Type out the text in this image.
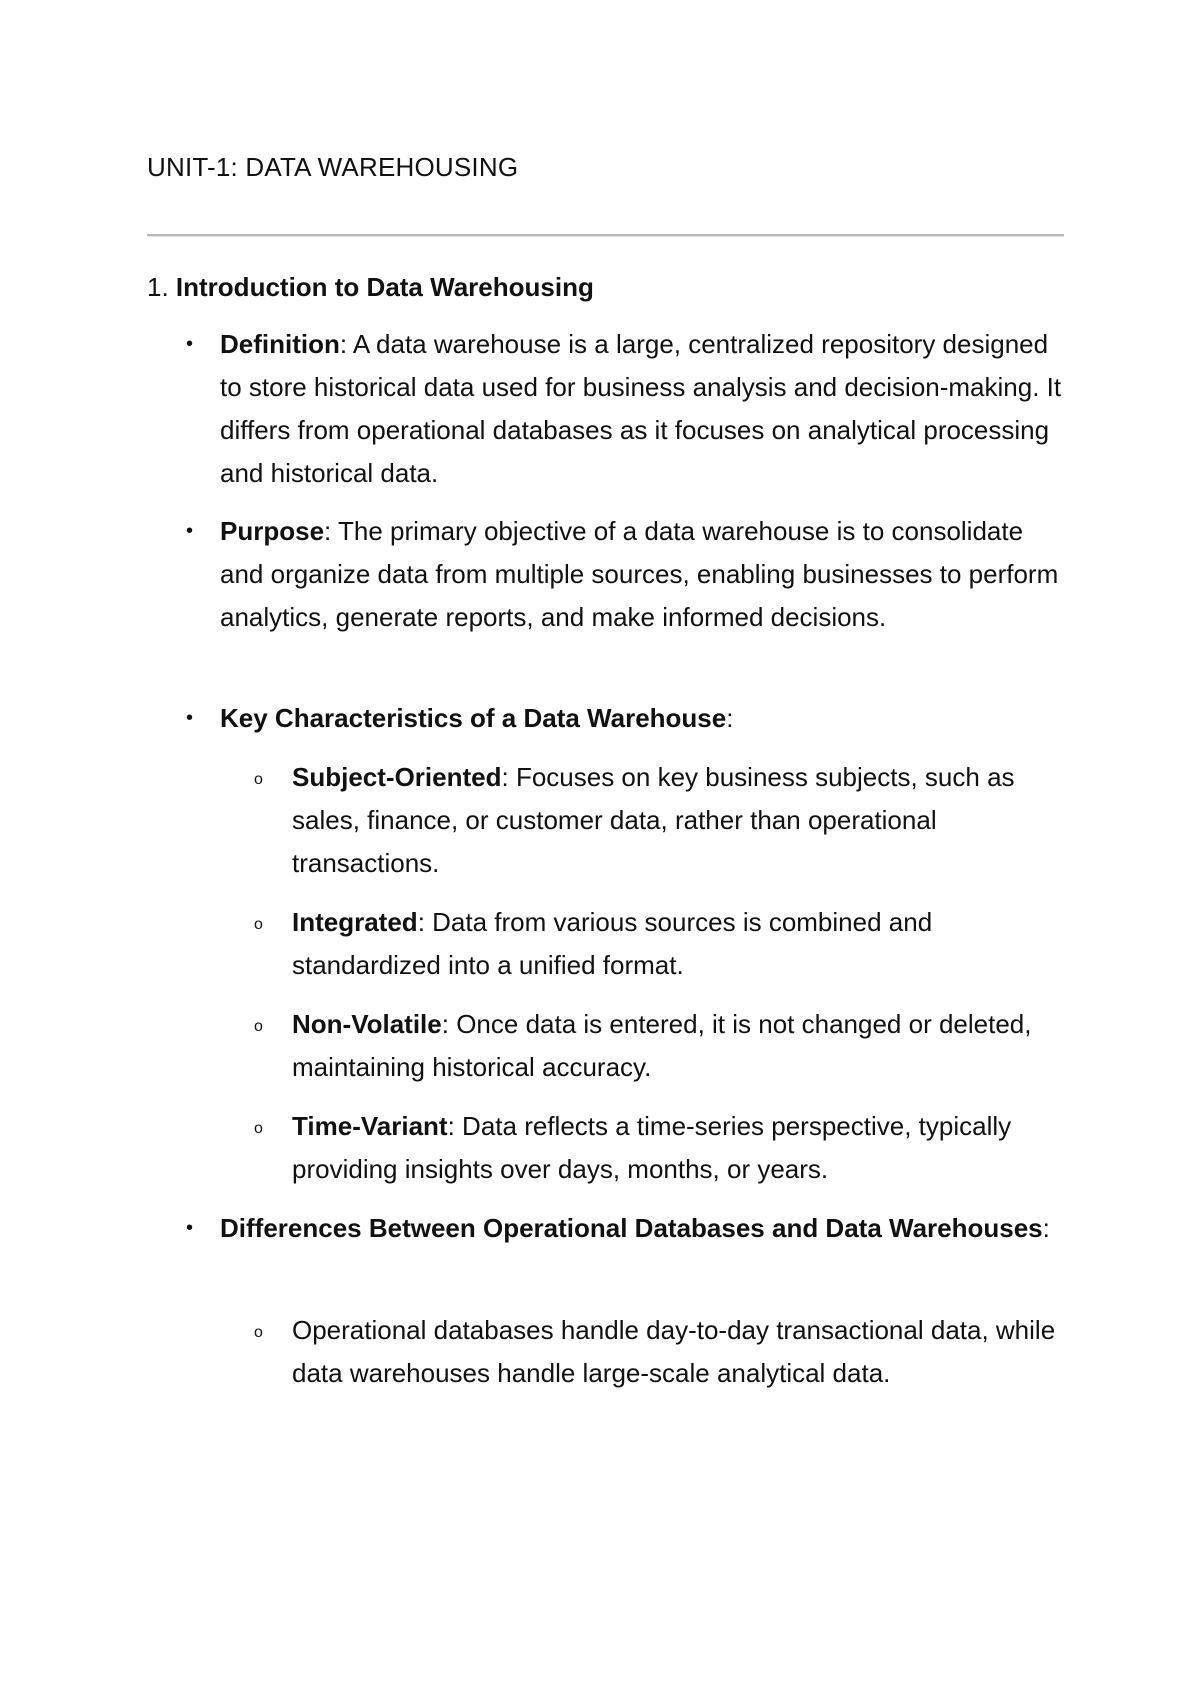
UNIT-1: DATA WAREHOUSING
1. Introduction to Data Warehousing

• Definition: A data warehouse is a large, centralized repository designed to store historical data used for business analysis and decision-making. It differs from operational databases as it focuses on analytical processing and historical data.

• Purpose: The primary objective of a data warehouse is to consolidate and organize data from multiple sources, enabling businesses to perform analytics, generate reports, and make informed decisions.

• Key Characteristics of a Data Warehouse:

o Subject-Oriented: Focuses on key business subjects, such as sales, finance, or customer data, rather than operational transactions.

o Integrated: Data from various sources is combined and standardized into a unified format.

o Non-Volatile: Once data is entered, it is not changed or deleted, maintaining historical accuracy.

o Time-Variant: Data reflects a time-series perspective, typically providing insights over days, months, or years.

• Differences Between Operational Databases and Data Warehouses:

o Operational databases handle day-to-day transactional data, while data warehouses handle large-scale analytical data.
